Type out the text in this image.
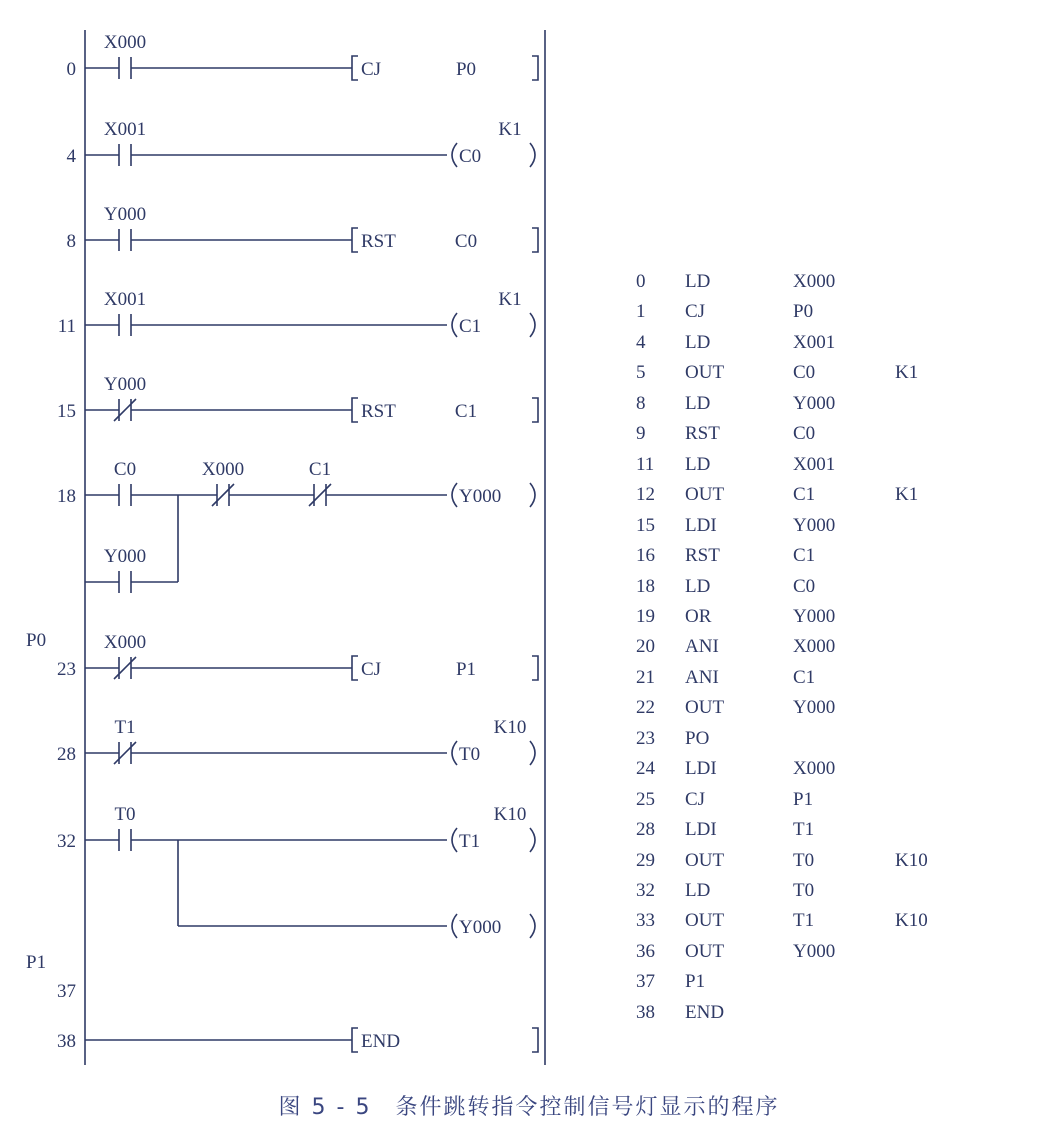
0
X000
CJ	P0
4
X001
C0
K1
8
Y000
RST	C0
11
X001
C1
K1
15
Y000
RST	C1
18
C0	X000	C1
Y000
Y000
23
P0	X000
CJ	P1
28
T1
T0
K10
32
T0
T1
K10
Y000
37
P1
38	END
0	LD	X000
1	CJ	P0
4	LD	X001
5	OUT	C0	K1
8	LD	Y000
9	RST	C0
11	LD	X001
12	OUT	C1	K1
15	LDI	Y000
16	RST	C1
18	LD	C0
19	OR	Y000
20	ANI	X000
21	ANI	C1
22	OUT	Y000
23	PO
24	LDI	X000
25	CJ	P1
28	LDI	T1
29	OUT	T0	K10
32	LD	T0
33	OUT	T1	K10
36	OUT	Y000
37	P1
38	END
图 5 - 5　条件跳转指令控制信号灯显示的程序
